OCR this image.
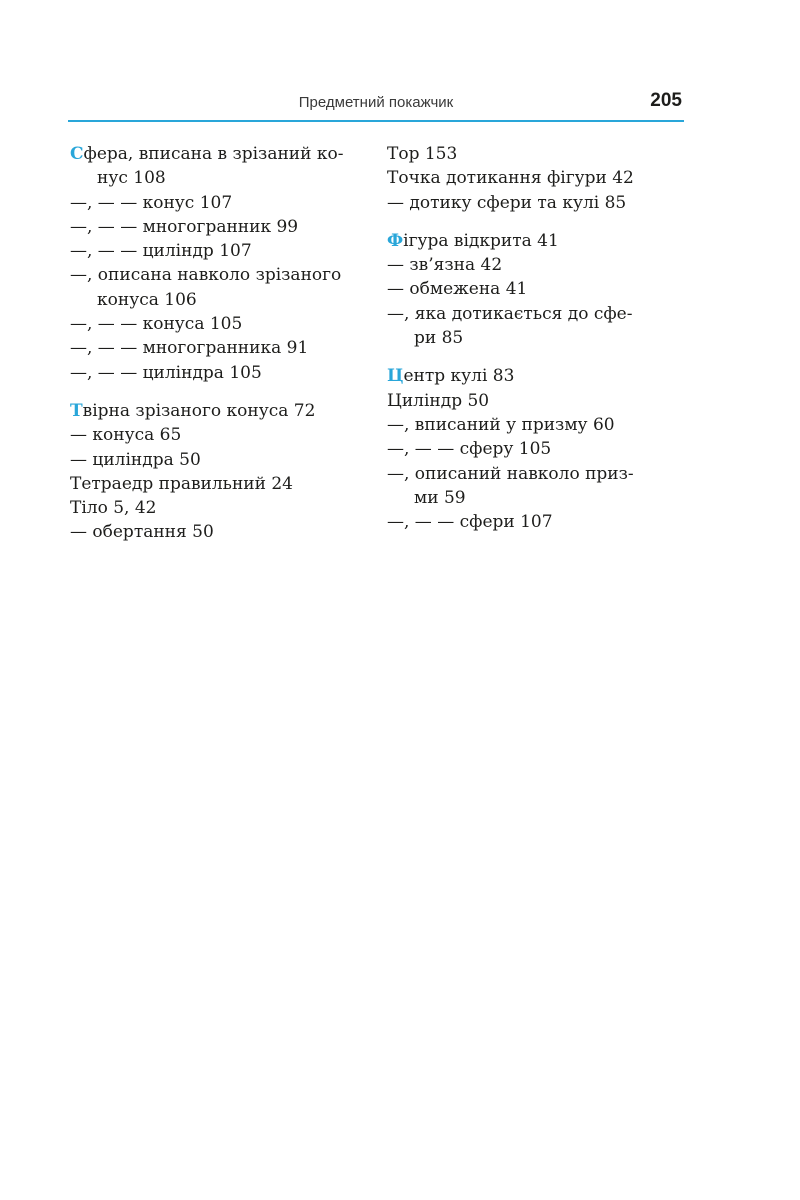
Предметний покажчик	205
Сфера, вписана в зрізаний ко-
нус 108
—, — — конус 107
—, — — многогранник 99
—, — — циліндр 107
—, описана навколо зрізаного
конуса 106
—, — — конуса 105
—, — — многогранника 91
—, — — циліндра 105
Твірна зрізаного конуса 72
— конуса 65
— циліндра 50
Тетраедр правильний 24
Тіло 5, 42
— обертання 50
Тор 153
Точка дотикання фігури 42
— дотику сфери та кулі 85
Фігура відкрита 41
— зв’язна 42
— обмежена 41
—, яка дотикається до сфе-
ри 85
Центр кулі 83
Циліндр 50
—, вписаний у призму 60
—, — — сферу 105
—, описаний навколо приз-
ми 59
—, — — сфери 107
